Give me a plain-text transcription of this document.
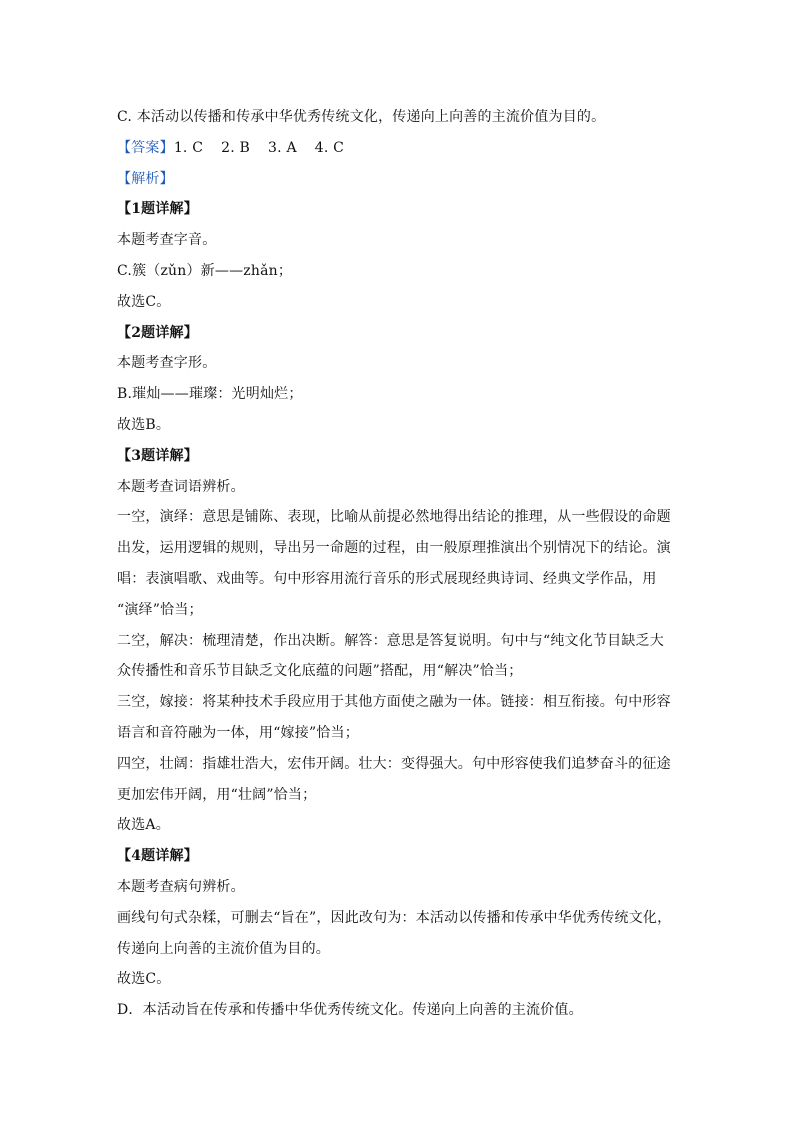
C. 本活动以传播和传承中华优秀传统文化，传递向上向善的主流价值为目的。
【答案】1. C 2. B 3. A 4. C
【解析】
【1题详解】
本题考查字音。
C.簇（zǔn）新——zhǎn；
故选C。
【2题详解】
本题考查字形。
B.璀灿——璀璨：光明灿烂；
故选B。
【3题详解】
本题考查词语辨析。
一空，演绎：意思是铺陈、表现，比喻从前提必然地得出结论的推理，从一些假设的命题
出发，运用逻辑的规则，导出另一命题的过程，由一般原理推演出个别情况下的结论。演
唱：表演唱歌、戏曲等。句中形容用流行音乐的形式展现经典诗词、经典文学作品，用
“演绎”恰当；
二空，解决：梳理清楚，作出决断。解答：意思是答复说明。句中与“纯文化节目缺乏大
众传播性和音乐节目缺乏文化底蕴的问题”搭配，用“解决”恰当；
三空，嫁接：将某种技术手段应用于其他方面使之融为一体。链接：相互衔接。句中形容
语言和音符融为一体，用“嫁接”恰当；
四空，壮阔：指雄壮浩大，宏伟开阔。壮大：变得强大。句中形容使我们追梦奋斗的征途
更加宏伟开阔，用“壮阔”恰当；
故选A。
【4题详解】
本题考查病句辨析。
画线句句式杂糅，可删去“旨在”，因此改句为：本活动以传播和传承中华优秀传统文化，
传递向上向善的主流价值为目的。
故选C。
D．本活动旨在传承和传播中华优秀传统文化。传递向上向善的主流价值。
